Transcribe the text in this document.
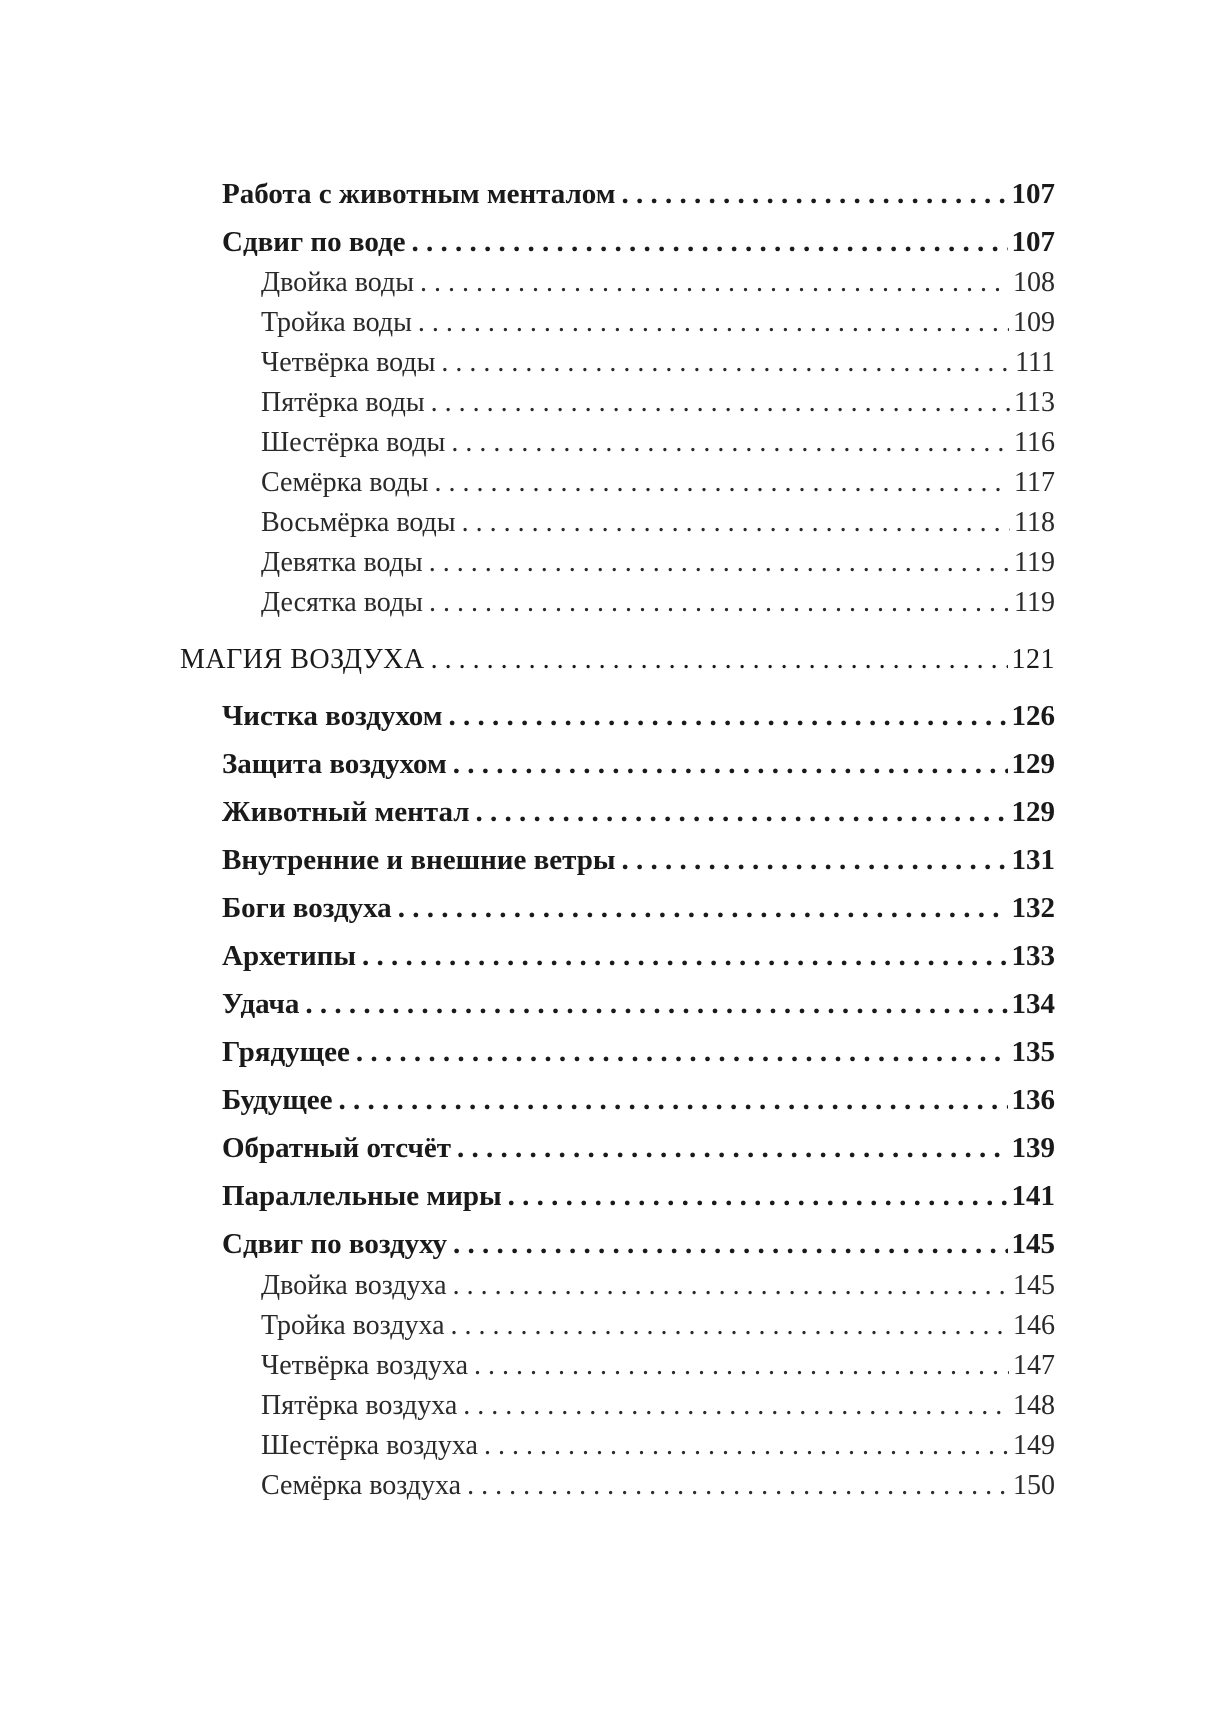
Работа с животным менталом . . .	107
Сдвиг по воде . . .	107
Двойка воды . . .	108
Тройка воды . . .	109
Четвёрка воды . . .	111
Пятёрка воды . . .	113
Шестёрка воды . . .	116
Семёрка воды . . .	117
Восьмёрка воды . . .	118
Девятка воды . . .	119
Десятка воды . . .	119
МАГИЯ ВОЗДУХА . . .	121
Чистка воздухом . . .	126
Защита воздухом . . .	129
Животный ментал . . .	129
Внутренние и внешние ветры . . .	131
Боги воздуха . . .	132
Архетипы . . .	133
Удача . . .	134
Грядущее . . .	135
Будущее . . .	136
Обратный отсчёт . . .	139
Параллельные миры . . .	141
Сдвиг по воздуху . . .	145
Двойка воздуха . . .	145
Тройка воздуха . . .	146
Четвёрка воздуха . . .	147
Пятёрка воздуха . . .	148
Шестёрка воздуха . . .	149
Семёрка воздуха . . .	150
